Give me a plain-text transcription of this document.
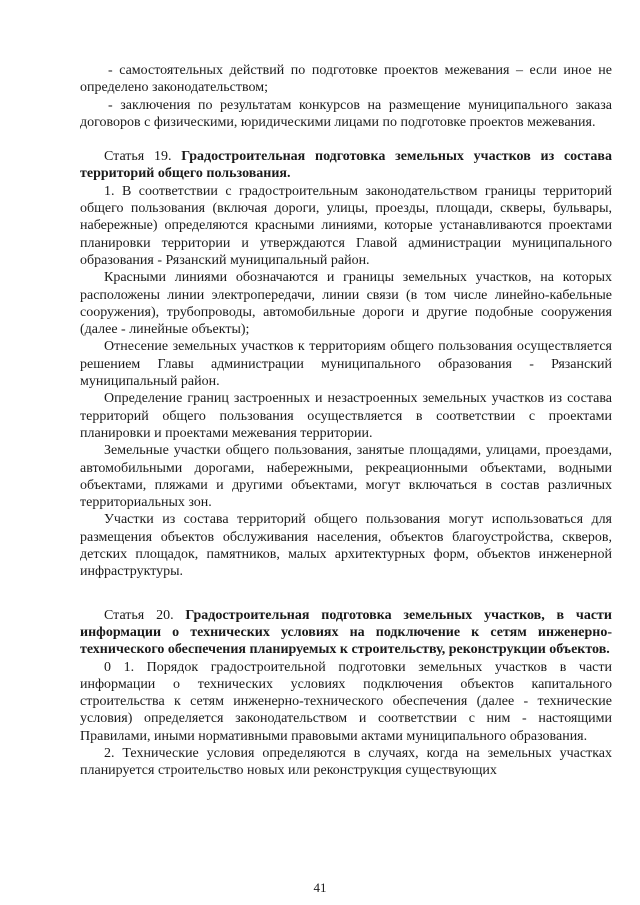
- самостоятельных действий по подготовке проектов межевания – если иное не определено законодательством;

- заключения по результатам конкурсов на размещение муниципального заказа договоров с физическими, юридическими лицами по подготовке проектов межевания.

Статья 19. Градостроительная подготовка земельных участков из состава территорий общего пользования.

1. В соответствии с градостроительным законодательством границы территорий общего пользования (включая дороги, улицы, проезды, площади, скверы, бульвары, набережные) определяются красными линиями, которые устанавливаются проектами планировки территории и утверждаются Главой администрации муниципального образования - Рязанский муниципальный район.

Красными линиями обозначаются и границы земельных участков, на которых расположены линии электропередачи, линии связи (в том числе линейно-кабельные сооружения), трубопроводы, автомобильные дороги и другие подобные сооружения (далее - линейные объекты);

Отнесение земельных участков к территориям общего пользования осуществляется решением Главы администрации муниципального образования - Рязанский муниципальный район.

Определение границ застроенных и незастроенных земельных участков из состава территорий общего пользования осуществляется в соответствии с проектами планировки и проектами межевания территории.

Земельные участки общего пользования, занятые площадями, улицами, проездами, автомобильными дорогами, набережными, рекреационными объектами, водными объектами, пляжами и другими объектами, могут включаться в состав различных территориальных зон.

Участки из состава территорий общего пользования могут использоваться для размещения объектов обслуживания населения, объектов благоустройства, скверов, детских площадок, памятников, малых архитектурных форм, объектов инженерной инфраструктуры.

Статья 20. Градостроительная подготовка земельных участков, в части информации о технических условиях на подключение к сетям инженерно-технического обеспечения планируемых к строительству, реконструкции объектов.

0 1. Порядок градостроительной подготовки земельных участков в части информации о технических условиях подключения объектов капитального строительства к сетям инженерно-технического обеспечения (далее - технические условия) определяется законодательством и соответствии с ним - настоящими Правилами, иными нормативными правовыми актами муниципального образования.

2. Технические условия определяются в случаях, когда на земельных участках планируется строительство новых или реконструкция существующих

41
